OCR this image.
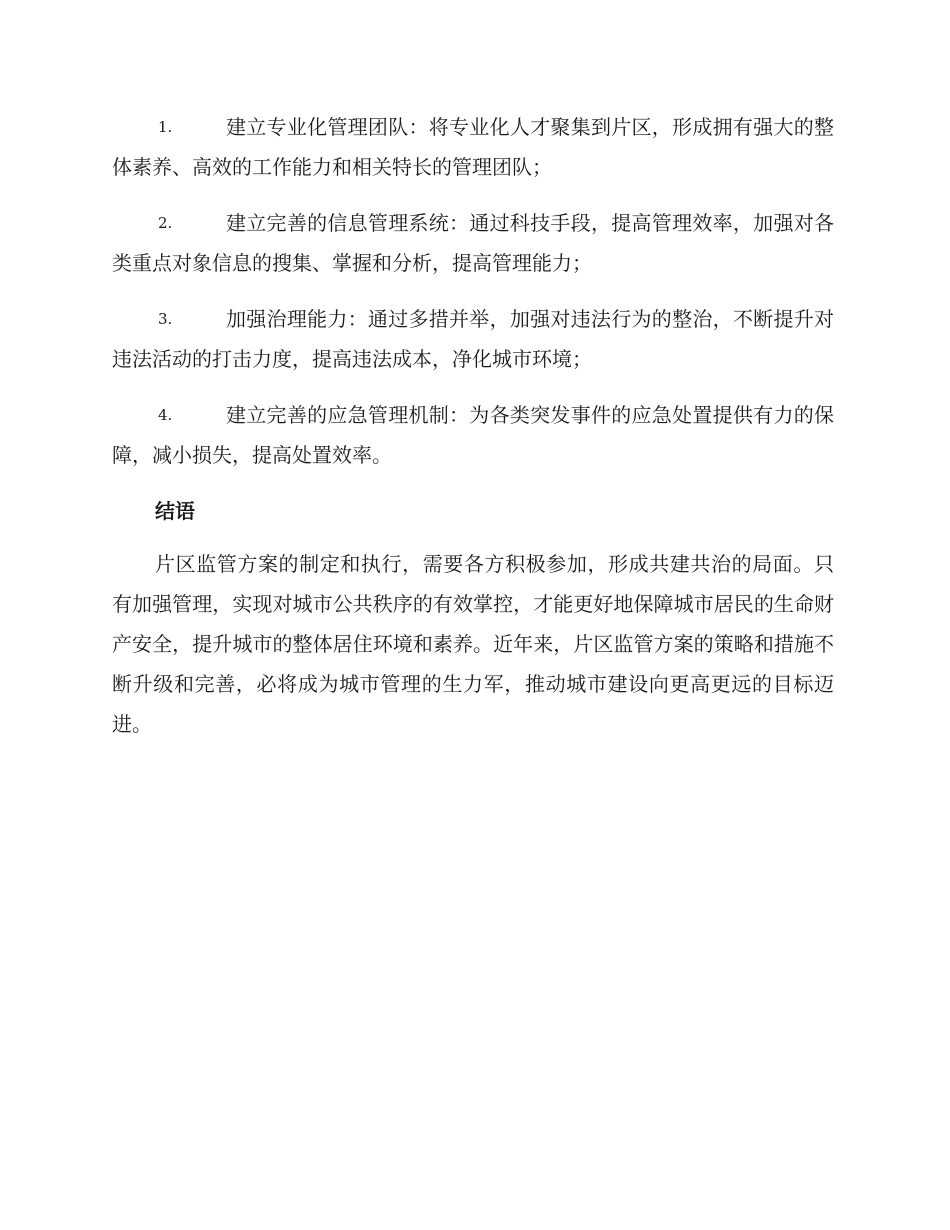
1.	建立专业化管理团队：将专业化人才聚集到片区，形成拥有强大的整体素养、高效的工作能力和相关特长的管理团队；
2.	建立完善的信息管理系统：通过科技手段，提高管理效率，加强对各类重点对象信息的搜集、掌握和分析，提高管理能力；
3.	加强治理能力：通过多措并举，加强对违法行为的整治，不断提升对违法活动的打击力度，提高违法成本，净化城市环境；
4.	建立完善的应急管理机制：为各类突发事件的应急处置提供有力的保障，减小损失，提高处置效率。
结语

片区监管方案的制定和执行，需要各方积极参加，形成共建共治的局面。只有加强管理，实现对城市公共秩序的有效掌控，才能更好地保障城市居民的生命财产安全，提升城市的整体居住环境和素养。近年来，片区监管方案的策略和措施不断升级和完善，必将成为城市管理的生力军，推动城市建设向更高更远的目标迈进。
